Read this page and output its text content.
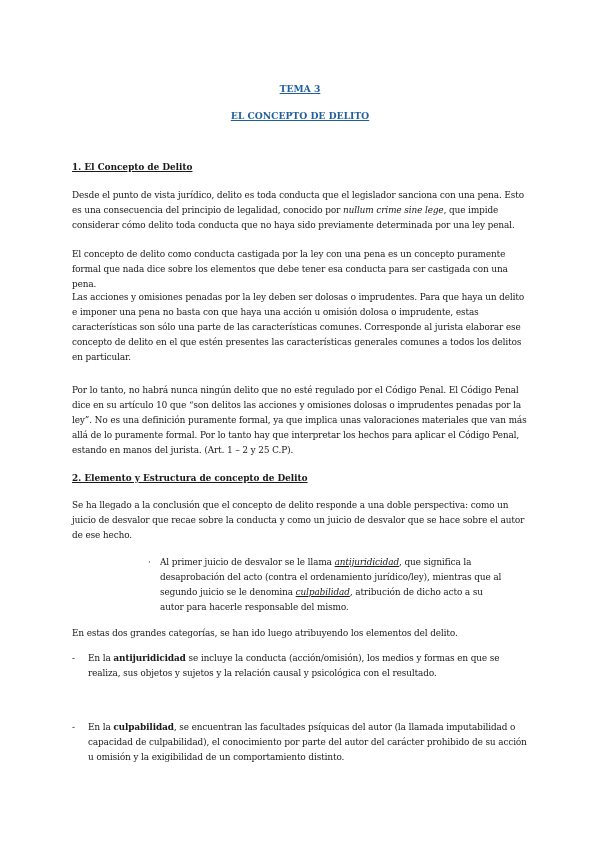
TEMA 3
EL CONCEPTO DE DELITO
1. El Concepto de Delito
Desde el punto de vista jurídico, delito es toda conducta que el legislador sanciona con una pena. Esto es una consecuencia del principio de legalidad, conocido por nullum crime sine lege, que impide considerar cómo delito toda conducta que no haya sido previamente determinada por una ley penal.
El concepto de delito como conducta castigada por la ley con una pena es un concepto puramente formal que nada dice sobre los elementos que debe tener esa conducta para ser castigada con una pena.
Las acciones y omisiones penadas por la ley deben ser dolosas o imprudentes. Para que haya un delito e imponer una pena no basta con que haya una acción u omisión dolosa o imprudente, estas características son sólo una parte de las características comunes. Corresponde al jurista elaborar ese concepto de delito en el que estén presentes las características generales comunes a todos los delitos en particular.
Por lo tanto, no habrá nunca ningún delito que no esté regulado por el Código Penal. El Código Penal dice en su artículo 10 que “son delitos las acciones y omisiones dolosas o imprudentes penadas por la ley”. No es una definición puramente formal, ya que implica unas valoraciones materiales que van más allá de lo puramente formal. Por lo tanto hay que interpretar los hechos para aplicar el Código Penal, estando en manos del jurista. (Art. 1 – 2 y 25 C.P).
2. Elemento y Estructura de concepto de Delito
Se ha llegado a la conclusión que el concepto de delito responde a una doble perspectiva: como un juicio de desvalor que recae sobre la conducta y como un juicio de desvalor que se hace sobre el autor de ese hecho.
· Al primer juicio de desvalor se le llama antijuridicidad, que significa la desaprobación del acto (contra el ordenamiento jurídico/ley), mientras que al segundo juicio se le denomina culpabilidad, atribución de dicho acto a su autor para hacerle responsable del mismo.
En estas dos grandes categorías, se han ido luego atribuyendo los elementos del delito.
- En la antijuridicidad se incluye la conducta (acción/omisión), los medios y formas en que se realiza, sus objetos y sujetos y la relación causal y psicológica con el resultado.
- En la culpabilidad, se encuentran las facultades psíquicas del autor (la llamada imputabilidad o capacidad de culpabilidad), el conocimiento por parte del autor del carácter prohibido de su acción u omisión y la exigibilidad de un comportamiento distinto.
